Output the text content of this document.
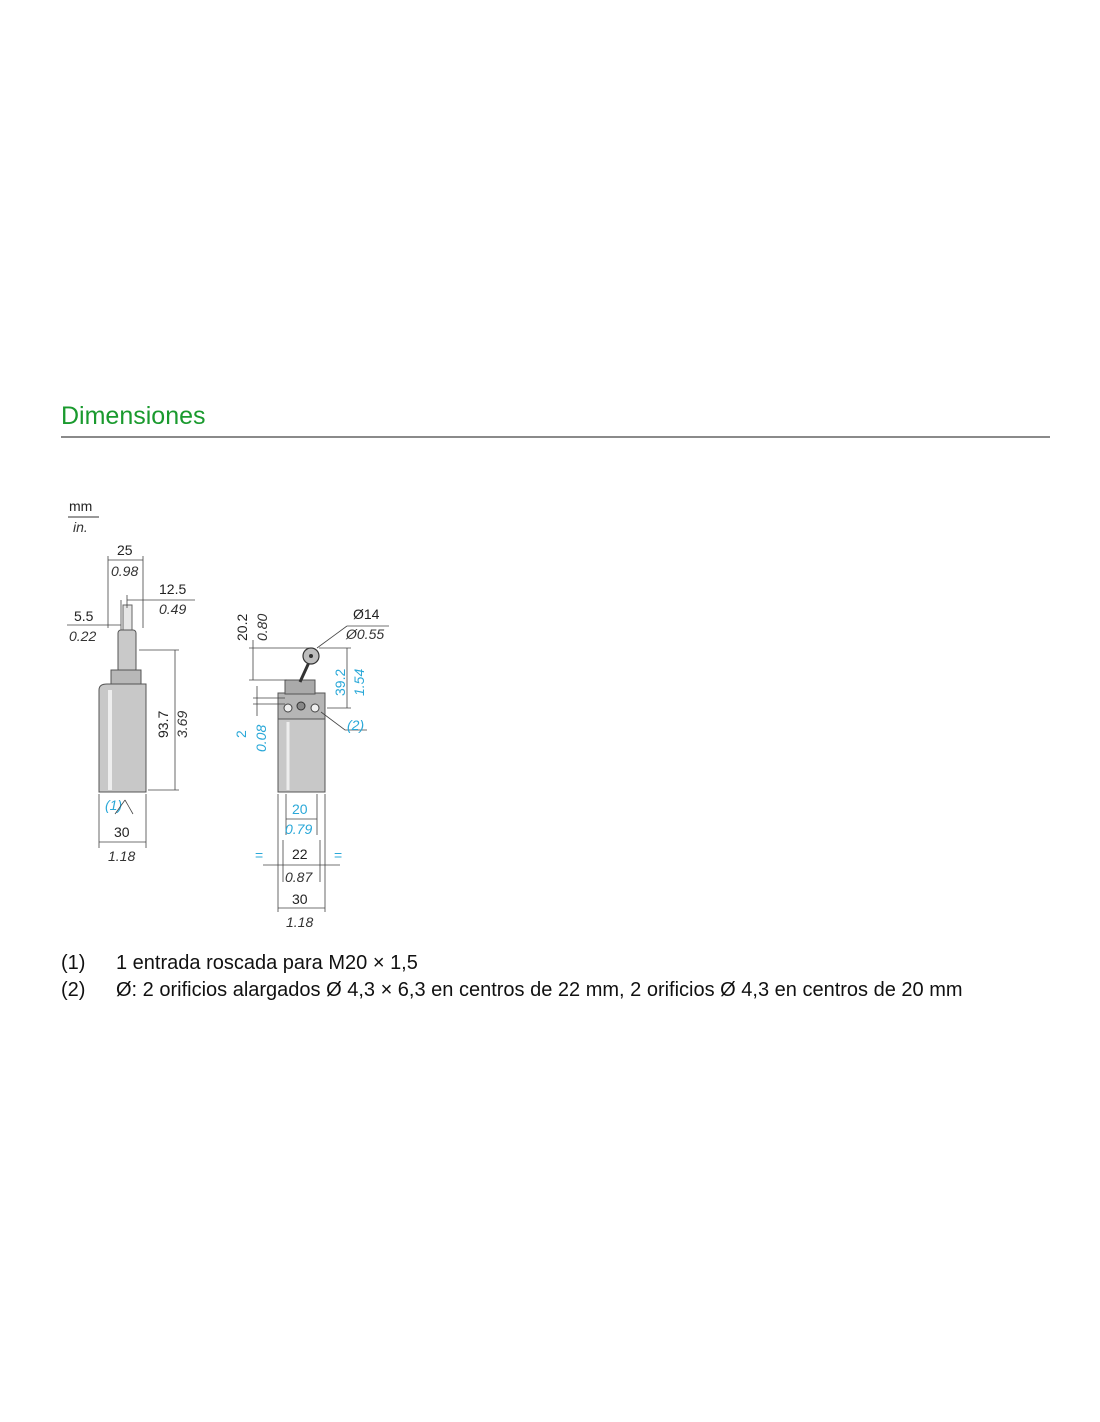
Dimensiones
mm
in.
25
0.98
12.5
0.49
5.5
0.22
93.7 3.69
(1)
30
1.18
20.2 0.80	Ø14
Ø0.55
39.2 1.54
2 0.08	(2)
20
0.79
=	=
22
0.87
30
1.18
(1)	1 entrada roscada para M20 × 1,5
(2)	Ø: 2 orificios alargados Ø 4,3 × 6,3 en centros de 22 mm, 2 orificios Ø 4,3 en centros de 20 mm
